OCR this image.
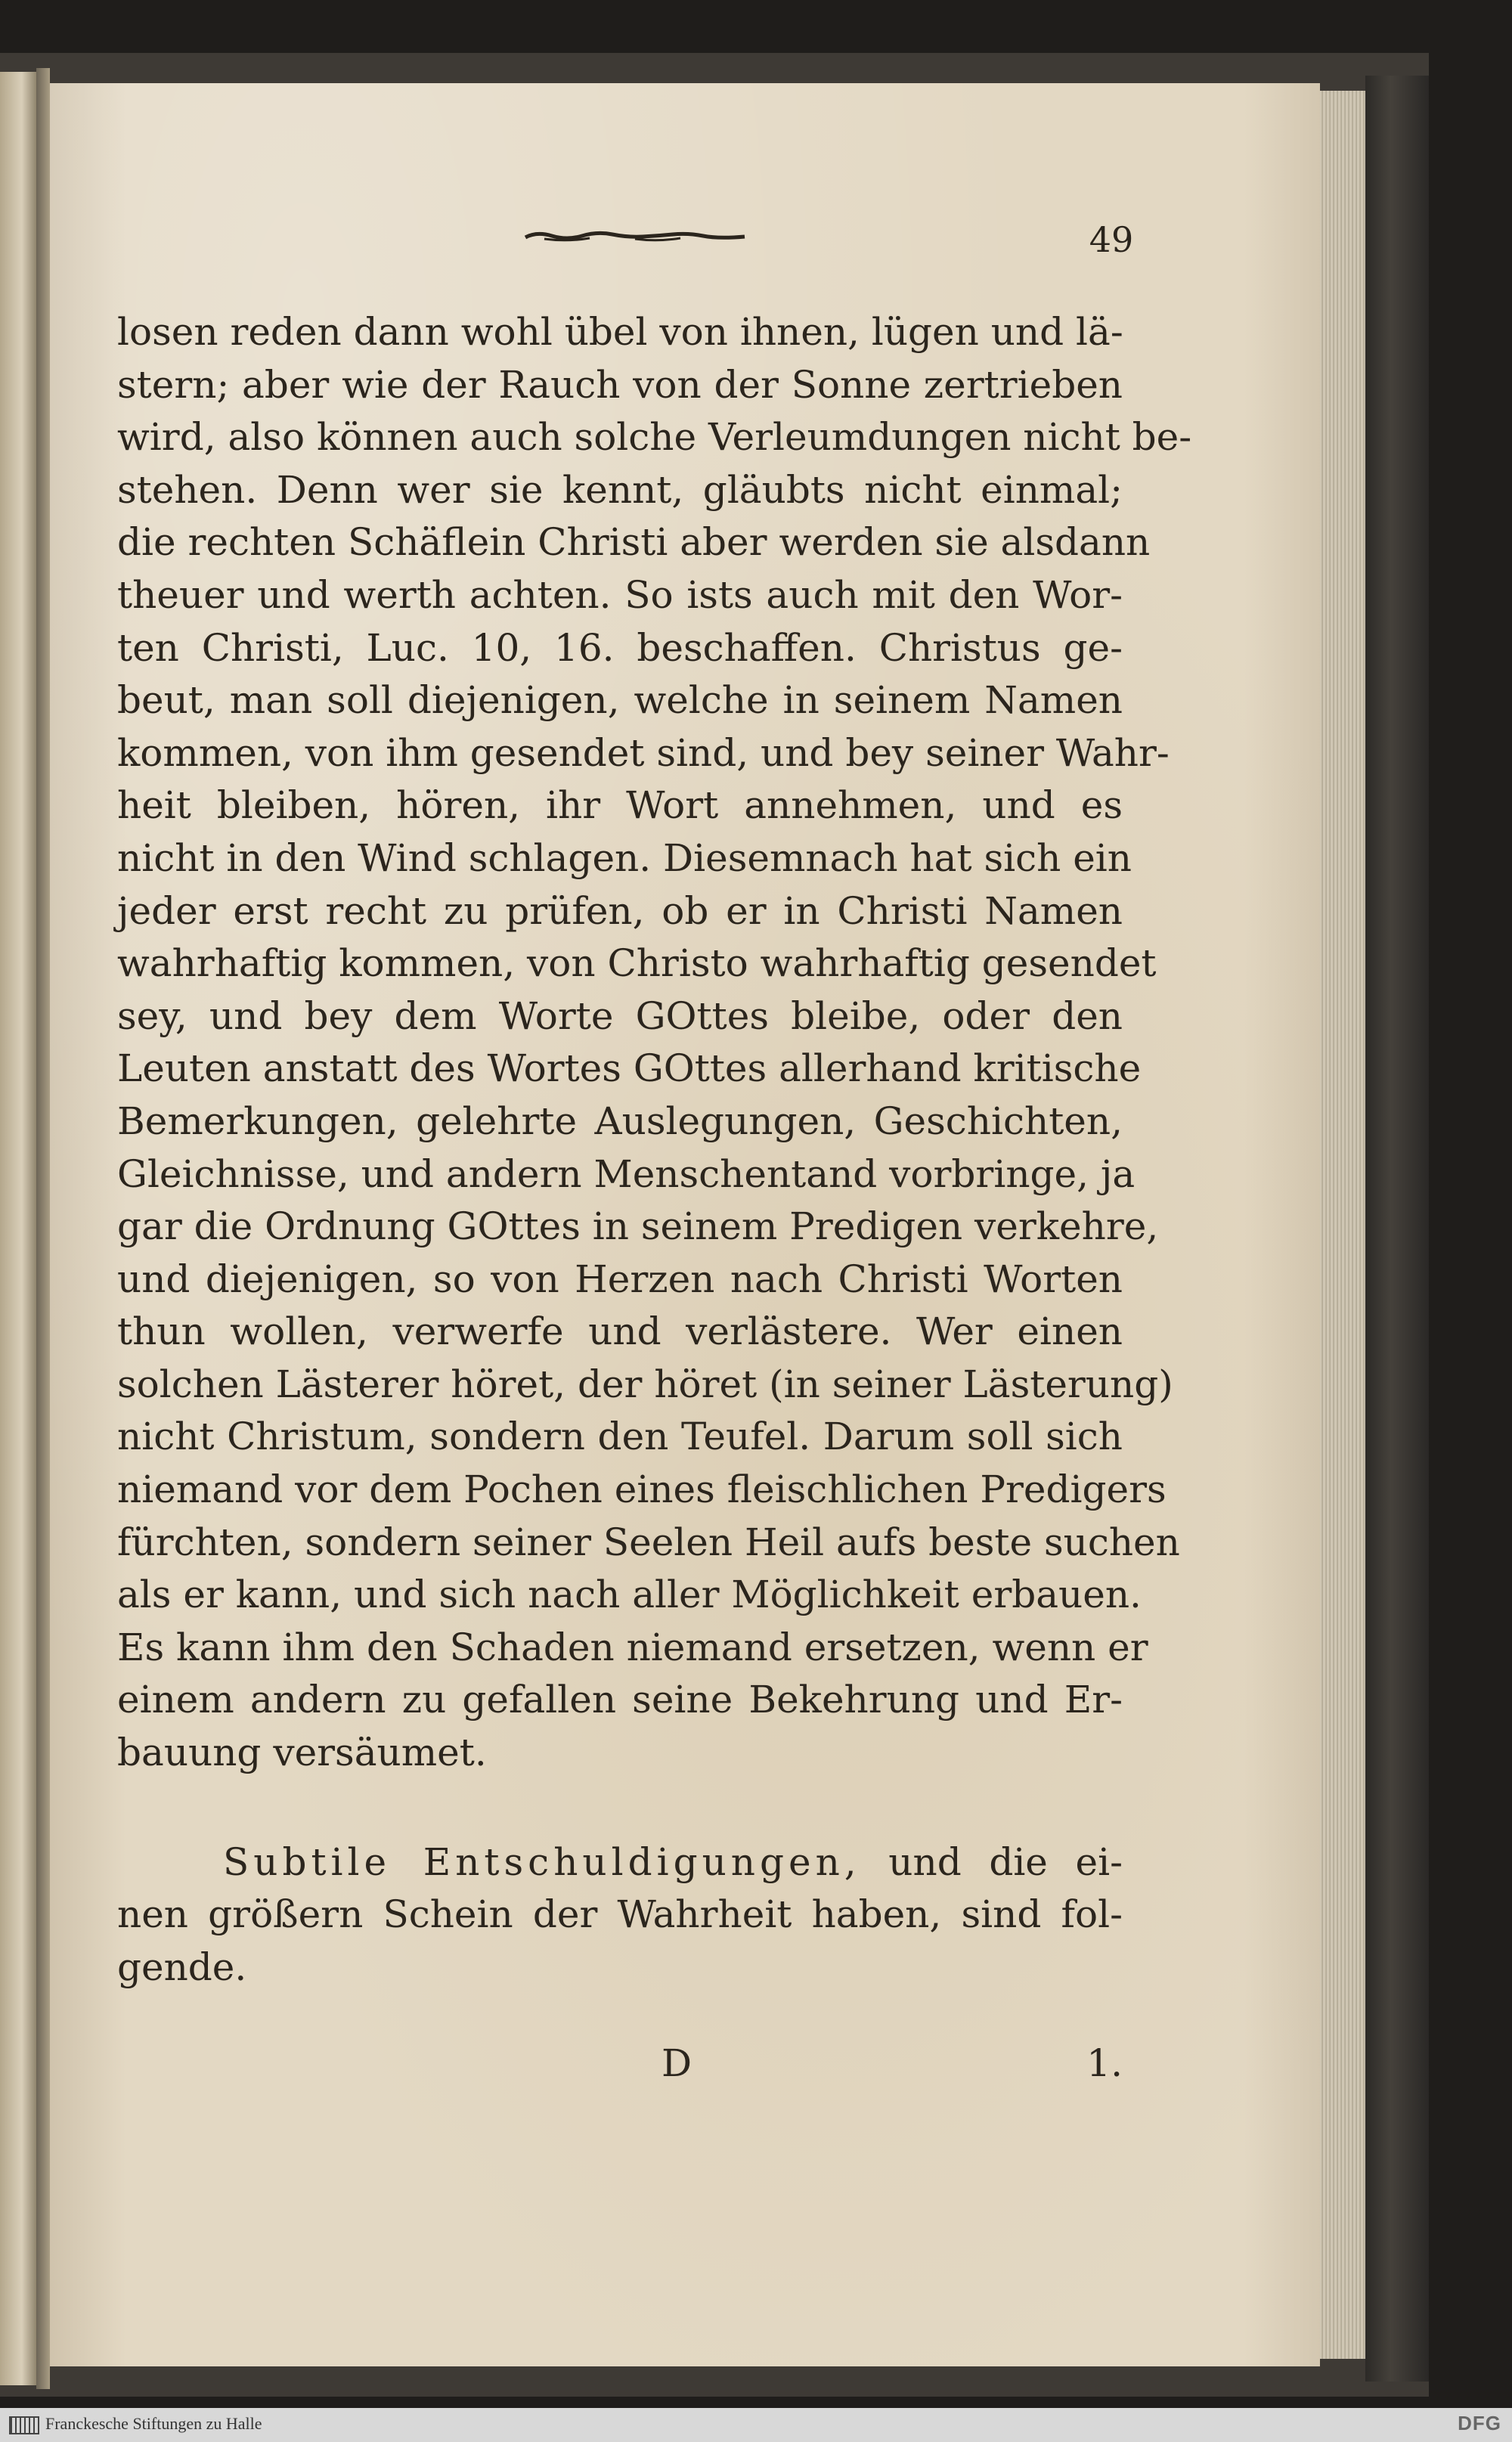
49
losen reden dann wohl übel von ihnen, lügen und lä-
stern; aber wie der Rauch von der Sonne zertrieben
wird, also können auch solche Verleumdungen nicht be-
stehen. Denn wer sie kennt, gläubts nicht einmal;
die rechten Schäflein Christi aber werden sie alsdann
theuer und werth achten. So ists auch mit den Wor-
ten Christi, Luc. 10, 16. beschaffen. Christus ge-
beut, man soll diejenigen, welche in seinem Namen
kommen, von ihm gesendet sind, und bey seiner Wahr-
heit bleiben, hören, ihr Wort annehmen, und es
nicht in den Wind schlagen. Diesemnach hat sich ein
jeder erst recht zu prüfen, ob er in Christi Namen
wahrhaftig kommen, von Christo wahrhaftig gesendet
sey, und bey dem Worte GOttes bleibe, oder den
Leuten anstatt des Wortes GOttes allerhand kritische
Bemerkungen, gelehrte Auslegungen, Geschichten,
Gleichnisse, und andern Menschentand vorbringe, ja
gar die Ordnung GOttes in seinem Predigen verkehre,
und diejenigen, so von Herzen nach Christi Worten
thun wollen, verwerfe und verlästere. Wer einen
solchen Lästerer höret, der höret (in seiner Lästerung)
nicht Christum, sondern den Teufel. Darum soll sich
niemand vor dem Pochen eines fleischlichen Predigers
fürchten, sondern seiner Seelen Heil aufs beste suchen
als er kann, und sich nach aller Möglichkeit erbauen.
Es kann ihm den Schaden niemand ersetzen, wenn er
einem andern zu gefallen seine Bekehrung und Er-
bauung versäumet.
Subtile Entschuldigungen, und die ei-
nen größern Schein der Wahrheit haben, sind fol-
gende.
D	1.
Franckesche Stiftungen zu Halle	DFG
